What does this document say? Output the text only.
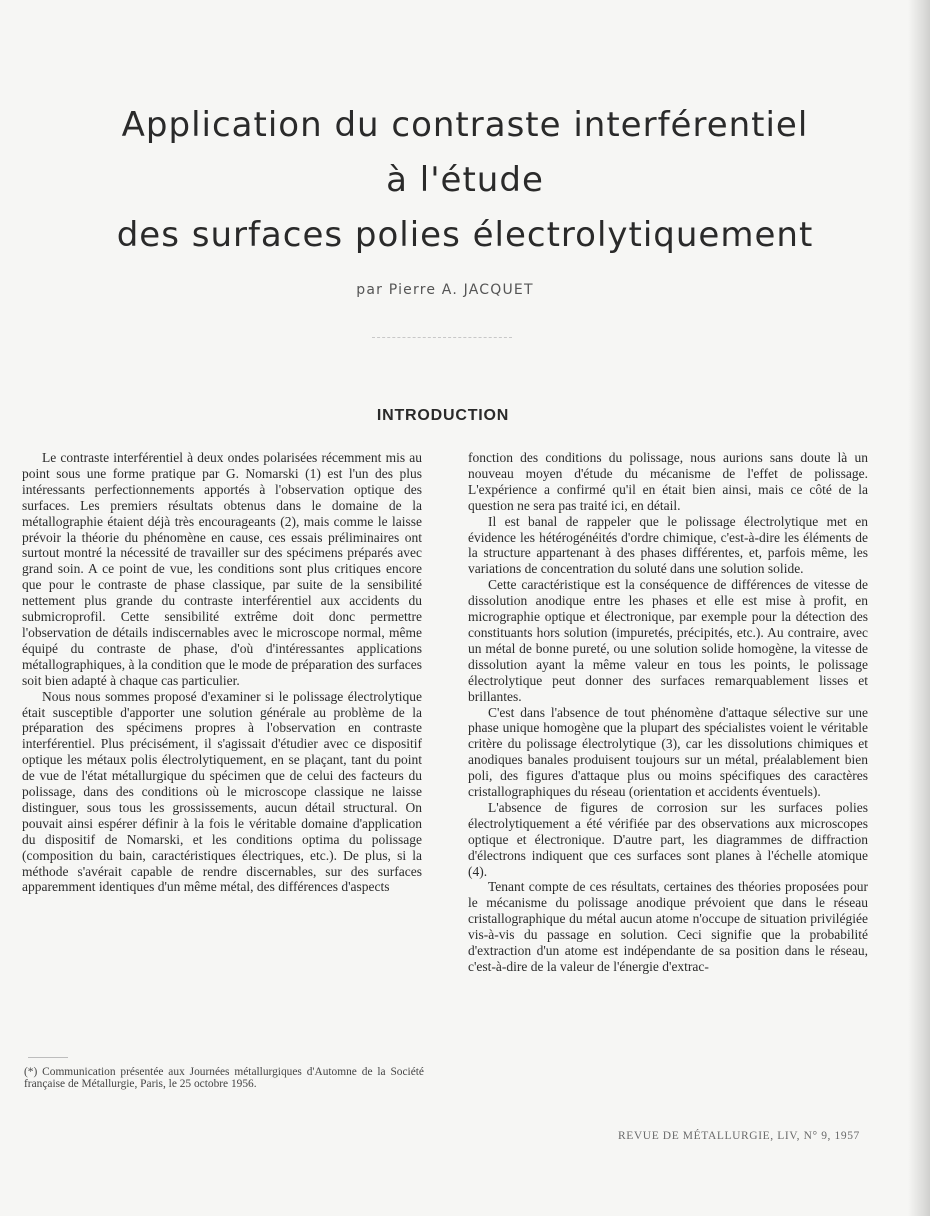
Application du contraste interférentiel
à l'étude
des surfaces polies électrolytiquement
par Pierre A. JACQUET
INTRODUCTION

Le contraste interférentiel à deux ondes polarisées récemment mis au point sous une forme pratique par G. Nomarski (1) est l'un des plus intéressants perfectionnements apportés à l'observation optique des surfaces. Les premiers résultats obtenus dans le domaine de la métallographie étaient déjà très encourageants (2), mais comme le laisse prévoir la théorie du phénomène en cause, ces essais préliminaires ont surtout montré la nécessité de travailler sur des spécimens préparés avec grand soin. A ce point de vue, les conditions sont plus critiques encore que pour le contraste de phase classique, par suite de la sensibilité nettement plus grande du contraste interférentiel aux accidents du submicroprofil. Cette sensibilité extrême doit donc permettre l'observation de détails indiscernables avec le microscope normal, même équipé du contraste de phase, d'où d'intéressantes applications métallographiques, à la condition que le mode de préparation des surfaces soit bien adapté à chaque cas particulier.

Nous nous sommes proposé d'examiner si le polissage électrolytique était susceptible d'apporter une solution générale au problème de la préparation des spécimens propres à l'observation en contraste interférentiel. Plus précisément, il s'agissait d'étudier avec ce dispositif optique les métaux polis électrolytiquement, en se plaçant, tant du point de vue de l'état métallurgique du spécimen que de celui des facteurs du polissage, dans des conditions où le microscope classique ne laisse distinguer, sous tous les grossissements, aucun détail structural. On pouvait ainsi espérer définir à la fois le véritable domaine d'application du dispositif de Nomarski, et les conditions optima du polissage (composition du bain, caractéristiques électriques, etc.). De plus, si la méthode s'avérait capable de rendre discernables, sur des surfaces apparemment identiques d'un même métal, des différences d'aspects

(*) Communication présentée aux Journées métallurgiques d'Automne de la Société française de Métallurgie, Paris, le 25 octobre 1956.

fonction des conditions du polissage, nous aurions sans doute là un nouveau moyen d'étude du mécanisme de l'effet de polissage. L'expérience a confirmé qu'il en était bien ainsi, mais ce côté de la question ne sera pas traité ici, en détail.

Il est banal de rappeler que le polissage électrolytique met en évidence les hétérogénéités d'ordre chimique, c'est-à-dire les éléments de la structure appartenant à des phases différentes, et, parfois même, les variations de concentration du soluté dans une solution solide.

Cette caractéristique est la conséquence de différences de vitesse de dissolution anodique entre les phases et elle est mise à profit, en micrographie optique et électronique, par exemple pour la détection des constituants hors solution (impuretés, précipités, etc.). Au contraire, avec un métal de bonne pureté, ou une solution solide homogène, la vitesse de dissolution ayant la même valeur en tous les points, le polissage électrolytique peut donner des surfaces remarquablement lisses et brillantes.

C'est dans l'absence de tout phénomène d'attaque sélective sur une phase unique homogène que la plupart des spécialistes voient le véritable critère du polissage électrolytique (3), car les dissolutions chimiques et anodiques banales produisent toujours sur un métal, préalablement bien poli, des figures d'attaque plus ou moins spécifiques des caractères cristallographiques du réseau (orientation et accidents éventuels).

L'absence de figures de corrosion sur les surfaces polies électrolytiquement a été vérifiée par des observations aux microscopes optique et électronique. D'autre part, les diagrammes de diffraction d'électrons indiquent que ces surfaces sont planes à l'échelle atomique (4).

Tenant compte de ces résultats, certaines des théories proposées pour le mécanisme du polissage anodique prévoient que dans le réseau cristallographique du métal aucun atome n'occupe de situation privilégiée vis-à-vis du passage en solution. Ceci signifie que la probabilité d'extraction d'un atome est indépendante de sa position dans le réseau, c'est-à-dire de la valeur de l'énergie d'extrac-

REVUE DE MÉTALLURGIE, LIV, N° 9, 1957
